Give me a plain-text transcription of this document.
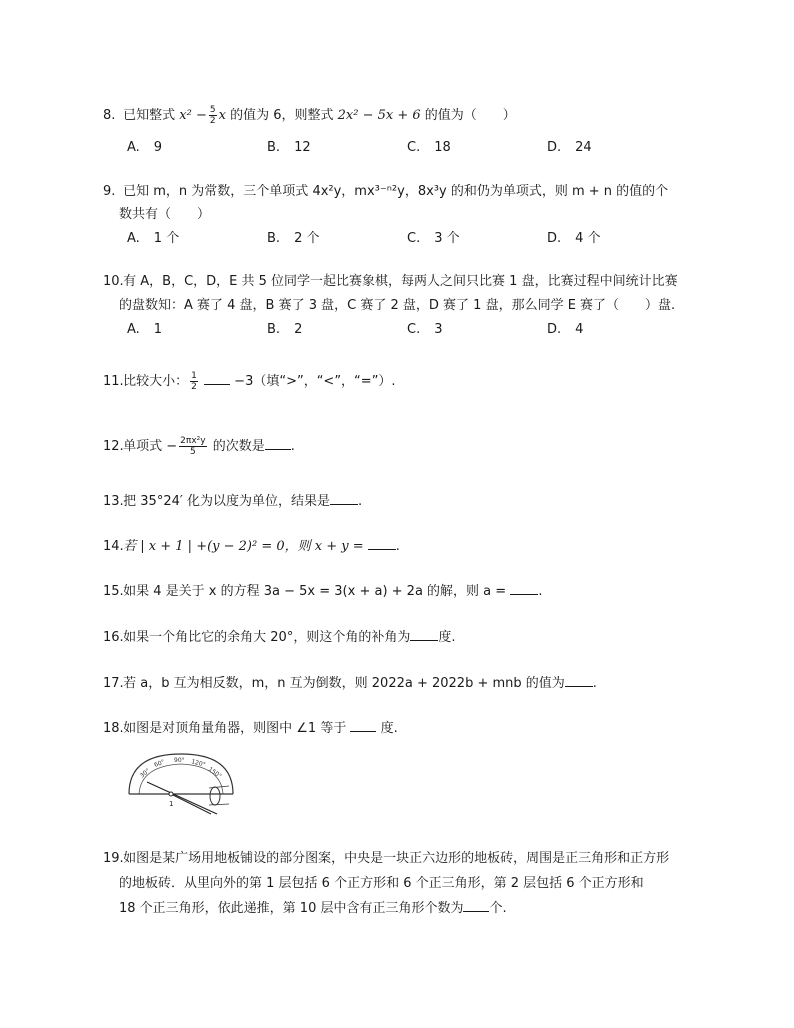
8. 已知整式 $x^2 - \frac{5}{2}$ x 的值为 6，则整式 2x² − 5x + 6 的值为（　　）
A. 9	B. 12	C. 18	D. 24
9. 已知 m，n 为常数，三个单项式 4x²y，mx³⁻ⁿ²y，8x³y 的和仍为单项式，则 m + n 的值的个
数共有（　　）
A. 1 个	B. 2 个	C. 3 个	D. 4 个
10. 有 A，B，C，D，E 共 5 位同学一起比赛象棋，每两人之间只比赛 1 盘，比赛过程中间统计比赛
的盘数知：A 赛了 4 盘，B 赛了 3 盘，C 赛了 2 盘，D 赛了 1 盘，那么同学 E 赛了（　　）盘.
A. 1	B. 2	C. 3	D. 4
11. 比较大小： $\frac{1}{2}$	−3（填“>”，“<”，“=”）.
12. 单项式 − $\frac{\text{2πx²y}}{5}$ 的次数是 .
13. 把 35°24′ 化为以度为单位，结果是 .
14. 若 | x + 1 | +(y − 2)² = 0，则 x + y = .
15. 如果 4 是关于 x 的方程 3a − 5x = 3(x + a) + 2a 的解，则 a = .
16. 如果一个角比它的余角大 20°，则这个角的补角为 度.
17. 若 a，b 互为相反数，m，n 互为倒数，则 2022a + 2022b + mnb 的值为 .
18. 如图是对顶角量角器，则图中 ∠1 等于	度.
30°
60° 90° 120°
150°
1
19. 如图是某广场用地板铺设的部分图案，中央是一块正六边形的地板砖，周围是正三角形和正方形
的地板砖．从里向外的第 1 层包括 6 个正方形和 6 个正三角形，第 2 层包括 6 个正方形和
18 个正三角形，依此递推，第 10 层中含有正三角形个数为 个.
